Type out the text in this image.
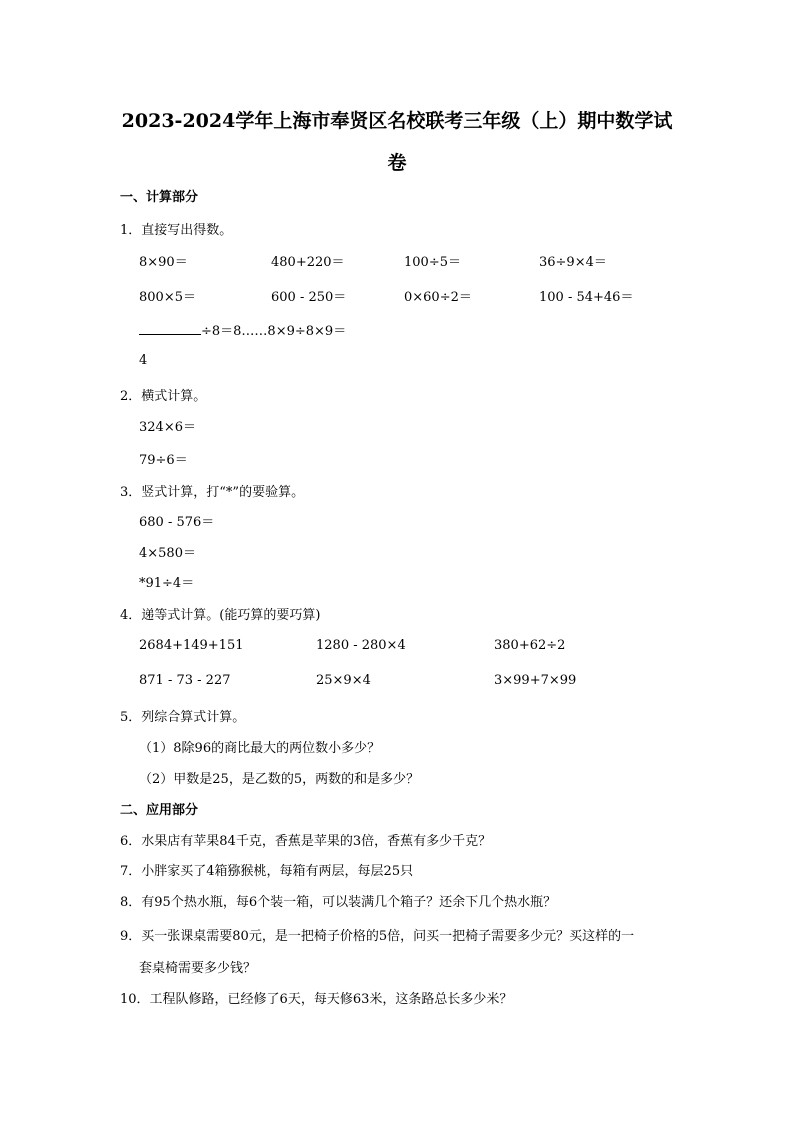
2023-2024学年上海市奉贤区名校联考三年级（上）期中数学试
卷
一、计算部分
1．直接写出得数。
8×90＝	480+220＝	100÷5＝	36÷9×4＝
800×5＝	600 - 250＝	0×60÷2＝	100 - 54+46＝
÷8＝8……8×9÷8×9＝
4
2．横式计算。
324×6＝
79÷6＝
3．竖式计算，打“*”的要验算。
680 - 576＝
4×580＝
*91÷4＝
4．递等式计算。(能巧算的要巧算)
2684+149+151	1280 - 280×4	380+62÷2
871 - 73 - 227	25×9×4	3×99+7×99
5．列综合算式计算。
（1）8除96的商比最大的两位数小多少？
（2）甲数是25，是乙数的5，两数的和是多少？
二、应用部分
6．水果店有苹果84千克，香蕉是苹果的3倍，香蕉有多少千克？
7．小胖家买了4箱猕猴桃，每箱有两层，每层25只
8．有95个热水瓶，每6个装一箱，可以装满几个箱子？还余下几个热水瓶？
9．买一张课桌需要80元，是一把椅子价格的5倍，问买一把椅子需要多少元？买这样的一
套桌椅需要多少钱？
10．工程队修路，已经修了6天，每天修63米，这条路总长多少米？
